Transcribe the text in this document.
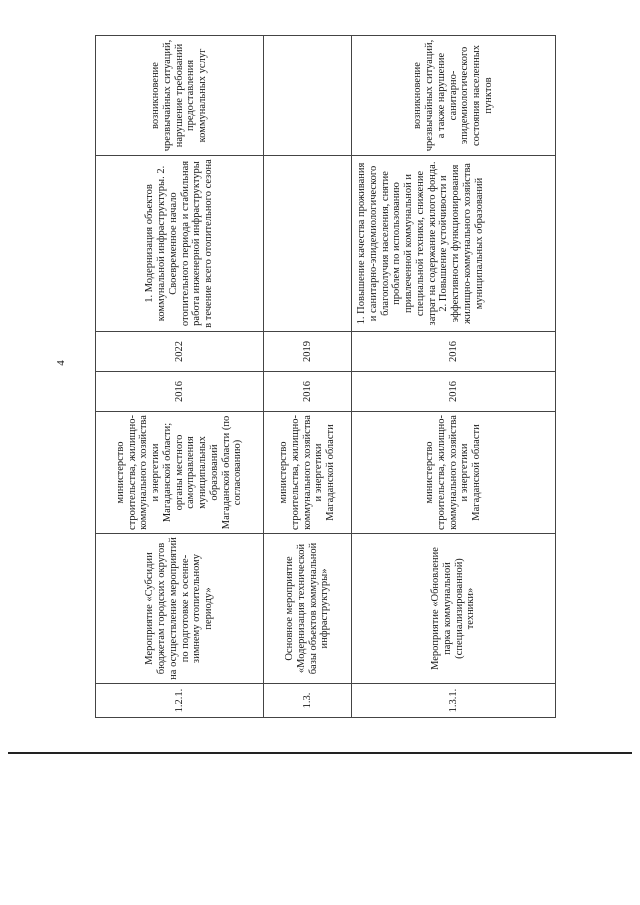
4
1.2.1.	Мероприятие «Субсидии бюджетам городских округов на осуществление мероприятий по подготовке к осенне-зимнему отопительному периоду»	министерство строительства, жилищно-коммунального хозяйства и энергетики Магаданской области; органы местного самоуправления муниципальных образований Магаданской области (по согласованию)	2016	2022	1. Модернизация объектов коммунальной инфраструктуры. 2. Своевременное начало отопительного периода и стабильная работа инженерной инфраструктуры в течение всего отопительного сезона	возникновение чрезвычайных ситуаций, нарушение требований предоставления коммунальных услуг
1.3.	Основное мероприятие «Модернизация технической базы объектов коммунальной инфраструктуры»	министерство строительства, жилищно-коммунального хозяйства и энергетики Магаданской области	2016	2019		
1.3.1.	Мероприятие «Обновление парка коммунальной (специализированной) техники»	министерство строительства, жилищно-коммунального хозяйства и энергетики Магаданской области	2016	2016	1. Повышение качества проживания и санитарно-эпидемиологического благополучия населения, снятие проблем по использованию привлеченной коммунальной и специальной техники, снижение затрат на содержание жилого фонда. 2. Повышение устойчивости и эффективности функционирования жилищно-коммунального хозяйства муниципальных образований	возникновение чрезвычайных ситуаций, а также нарушение санитарно-эпидемиологического состояния населенных пунктов
